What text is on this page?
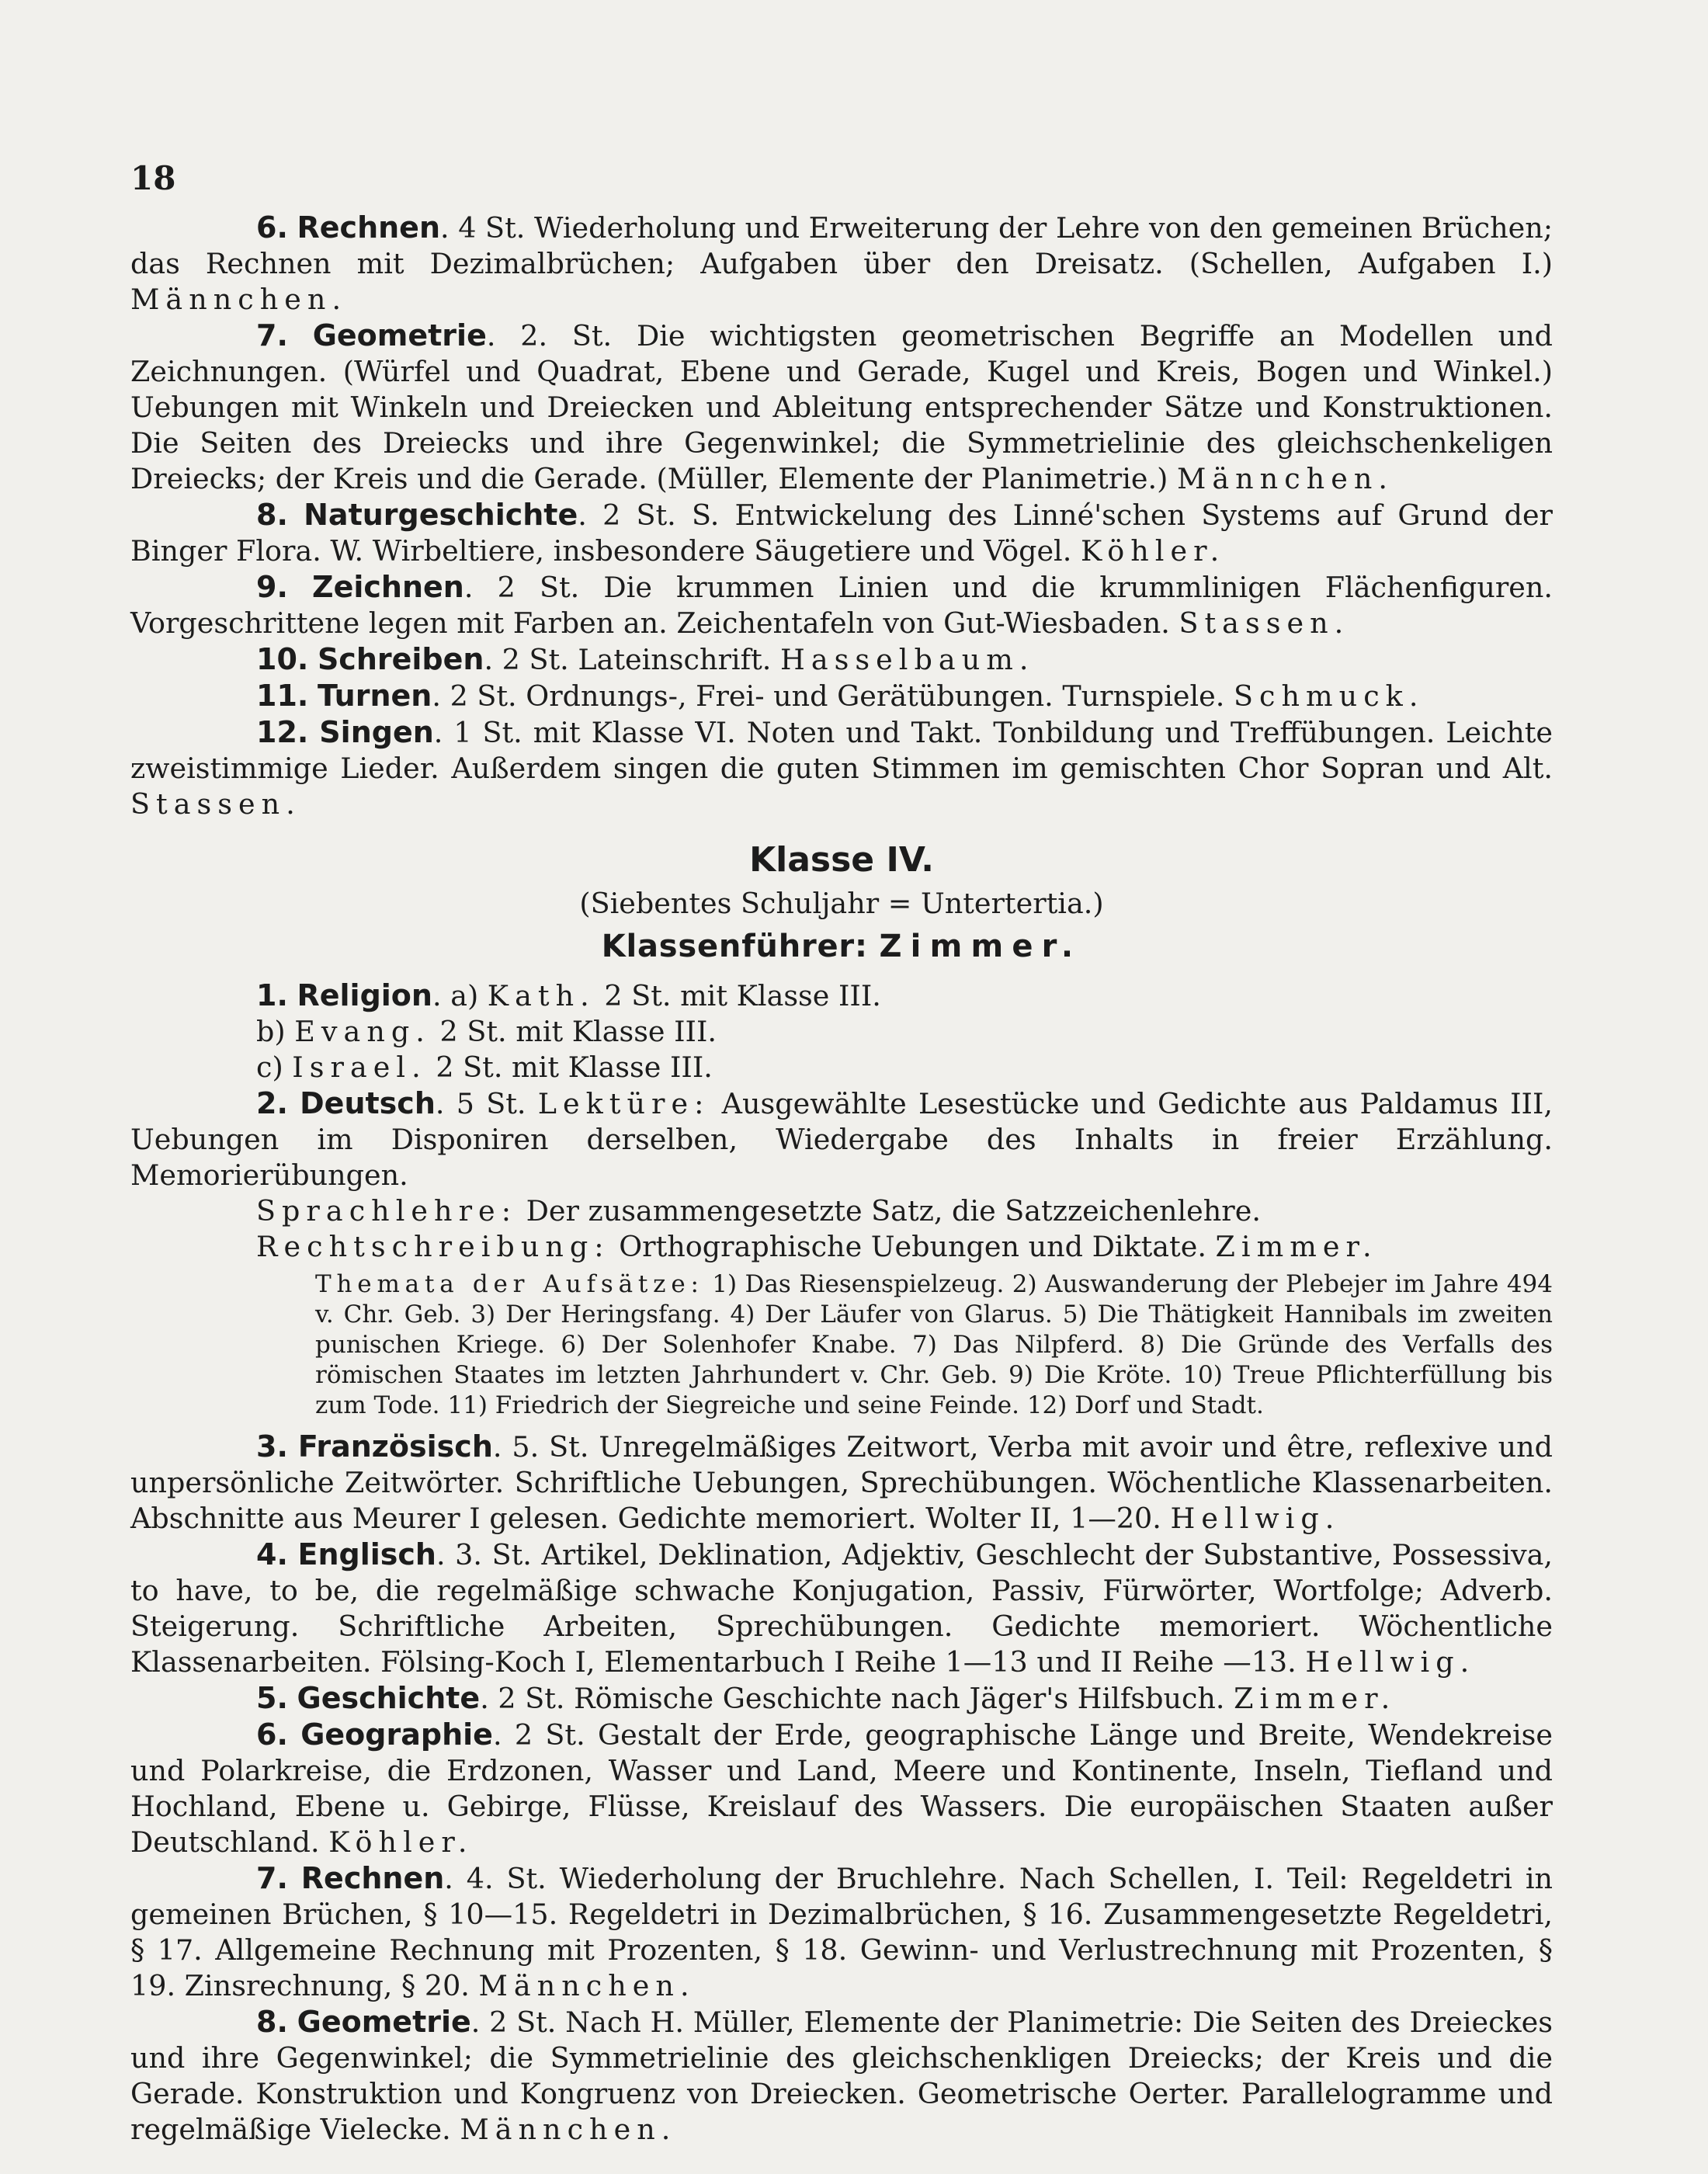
18

6. Rechnen. 4 St. Wiederholung und Erweiterung der Lehre von den gemeinen Brüchen; das Rechnen mit Dezimalbrüchen; Aufgaben über den Dreisatz. (Schellen, Aufgaben I.) Männchen.

7. Geometrie. 2. St. Die wichtigsten geometrischen Begriffe an Modellen und Zeichnungen. (Würfel und Quadrat, Ebene und Gerade, Kugel und Kreis, Bogen und Winkel.) Uebungen mit Winkeln und Dreiecken und Ableitung entsprechender Sätze und Konstruktionen. Die Seiten des Dreiecks und ihre Gegenwinkel; die Symmetrielinie des gleichschenkeligen Dreiecks; der Kreis und die Gerade. (Müller, Elemente der Planimetrie.) Männchen.

8. Naturgeschichte. 2 St. S. Entwickelung des Linné'schen Systems auf Grund der Binger Flora. W. Wirbeltiere, insbesondere Säugetiere und Vögel. Köhler.

9. Zeichnen. 2 St. Die krummen Linien und die krummlinigen Flächenfiguren. Vorgeschrittene legen mit Farben an. Zeichentafeln von Gut-Wiesbaden. Stassen.

10. Schreiben. 2 St. Lateinschrift. Hasselbaum.

11. Turnen. 2 St. Ordnungs-, Frei- und Gerätübungen. Turnspiele. Schmuck.

12. Singen. 1 St. mit Klasse VI. Noten und Takt. Tonbildung und Treffübungen. Leichte zweistimmige Lieder. Außerdem singen die guten Stimmen im gemischten Chor Sopran und Alt. Stassen.

Klasse IV.

(Siebentes Schuljahr = Untertertia.)

Klassenführer: Zimmer.

1. Religion. a) Kath. 2 St. mit Klasse III.

b) Evang. 2 St. mit Klasse III.

c) Israel. 2 St. mit Klasse III.

2. Deutsch. 5 St. Lektüre: Ausgewählte Lesestücke und Gedichte aus Paldamus III, Uebungen im Disponiren derselben, Wiedergabe des Inhalts in freier Erzählung. Memorierübungen.

Sprachlehre: Der zusammengesetzte Satz, die Satzzeichenlehre.

Rechtschreibung: Orthographische Uebungen und Diktate. Zimmer.

Themata der Aufsätze: 1) Das Riesenspielzeug. 2) Auswanderung der Plebejer im Jahre 494 v. Chr. Geb. 3) Der Heringsfang. 4) Der Läufer von Glarus. 5) Die Thätigkeit Hannibals im zweiten punischen Kriege. 6) Der Solenhofer Knabe. 7) Das Nilpferd. 8) Die Gründe des Verfalls des römischen Staates im letzten Jahrhundert v. Chr. Geb. 9) Die Kröte. 10) Treue Pflichterfüllung bis zum Tode. 11) Friedrich der Siegreiche und seine Feinde. 12) Dorf und Stadt.

3. Französisch. 5. St. Unregelmäßiges Zeitwort, Verba mit avoir und être, reflexive und unpersönliche Zeitwörter. Schriftliche Uebungen, Sprechübungen. Wöchentliche Klassenarbeiten. Abschnitte aus Meurer I gelesen. Gedichte memoriert. Wolter II, 1—20. Hellwig.

4. Englisch. 3. St. Artikel, Deklination, Adjektiv, Geschlecht der Substantive, Possessiva, to have, to be, die regelmäßige schwache Konjugation, Passiv, Fürwörter, Wortfolge; Adverb. Steigerung. Schriftliche Arbeiten, Sprechübungen. Gedichte memoriert. Wöchentliche Klassenarbeiten. Fölsing-Koch I, Elementarbuch I Reihe 1—13 und II Reihe —13. Hellwig.

5. Geschichte. 2 St. Römische Geschichte nach Jäger's Hilfsbuch. Zimmer.

6. Geographie. 2 St. Gestalt der Erde, geographische Länge und Breite, Wendekreise und Polarkreise, die Erdzonen, Wasser und Land, Meere und Kontinente, Inseln, Tiefland und Hochland, Ebene u. Gebirge, Flüsse, Kreislauf des Wassers. Die europäischen Staaten außer Deutschland. Köhler.

7. Rechnen. 4. St. Wiederholung der Bruchlehre. Nach Schellen, I. Teil: Regeldetri in gemeinen Brüchen, § 10—15. Regeldetri in Dezimalbrüchen, § 16. Zusammengesetzte Regeldetri, § 17. Allgemeine Rechnung mit Prozenten, § 18. Gewinn- und Verlustrechnung mit Prozenten, § 19. Zinsrechnung, § 20. Männchen.

8. Geometrie. 2 St. Nach H. Müller, Elemente der Planimetrie: Die Seiten des Dreieckes und ihre Gegenwinkel; die Symmetrielinie des gleichschenkligen Dreiecks; der Kreis und die Gerade. Konstruktion und Kongruenz von Dreiecken. Geometrische Oerter. Parallelogramme und regelmäßige Vielecke. Männchen.
